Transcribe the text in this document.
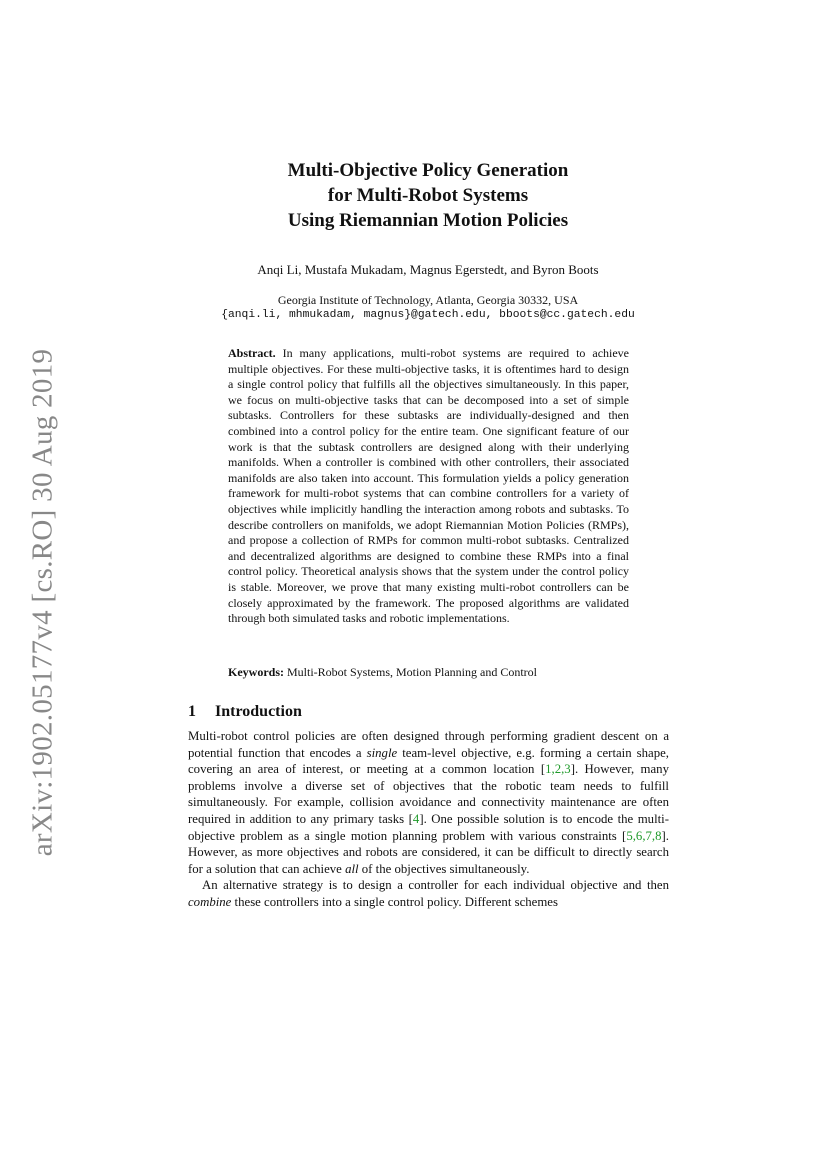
arXiv:1902.05177v4 [cs.RO] 30 Aug 2019
Multi-Objective Policy Generation
for Multi-Robot Systems
Using Riemannian Motion Policies
Anqi Li, Mustafa Mukadam, Magnus Egerstedt, and Byron Boots
Georgia Institute of Technology, Atlanta, Georgia 30332, USA
{anqi.li, mhmukadam, magnus}@gatech.edu, bboots@cc.gatech.edu
Abstract. In many applications, multi-robot systems are required to achieve multiple objectives. For these multi-objective tasks, it is oftentimes hard to design a single control policy that fulfills all the objectives simultaneously. In this paper, we focus on multi-objective tasks that can be decomposed into a set of simple subtasks. Controllers for these subtasks are individually-designed and then combined into a control policy for the entire team. One significant feature of our work is that the subtask controllers are designed along with their underlying manifolds. When a controller is combined with other controllers, their associated manifolds are also taken into account. This formulation yields a policy generation framework for multi-robot systems that can combine controllers for a variety of objectives while implicitly handling the interaction among robots and subtasks. To describe controllers on manifolds, we adopt Riemannian Motion Policies (RMPs), and propose a collection of RMPs for common multi-robot subtasks. Centralized and decentralized algorithms are designed to combine these RMPs into a final control policy. Theoretical analysis shows that the system under the control policy is stable. Moreover, we prove that many existing multi-robot controllers can be closely approximated by the framework. The proposed algorithms are validated through both simulated tasks and robotic implementations.
Keywords: Multi-Robot Systems, Motion Planning and Control
1 Introduction

Multi-robot control policies are often designed through performing gradient descent on a potential function that encodes a single team-level objective, e.g. forming a certain shape, covering an area of interest, or meeting at a common location [1,2,3]. However, many problems involve a diverse set of objectives that the robotic team needs to fulfill simultaneously. For example, collision avoidance and connectivity maintenance are often required in addition to any primary tasks [4]. One possible solution is to encode the multi-objective problem as a single motion planning problem with various constraints [5,6,7,8]. However, as more objectives and robots are considered, it can be difficult to directly search for a solution that can achieve all of the objectives simultaneously.

An alternative strategy is to design a controller for each individual objective and then combine these controllers into a single control policy. Different schemes
